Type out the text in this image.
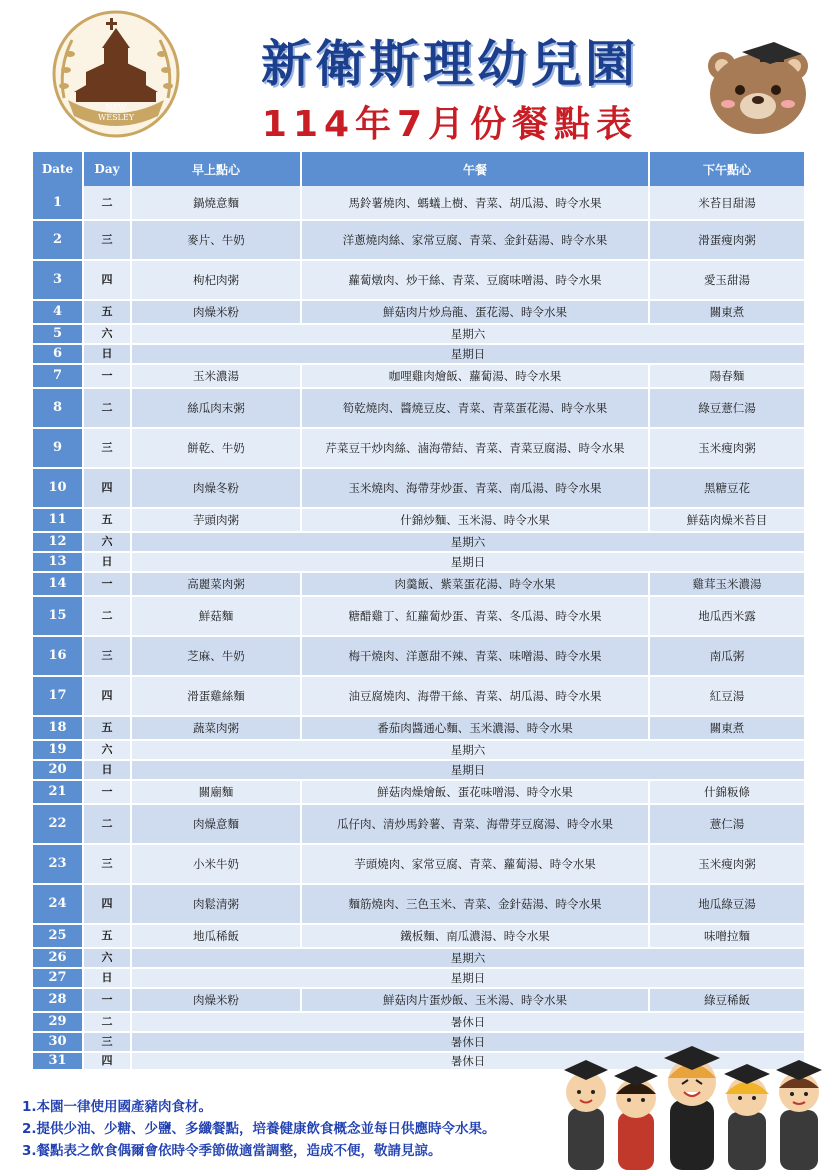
NEW
WESLEY
新衛斯理幼兒園
114年7月份餐點表
Date	Day	早上點心	午餐	下午點心
1	二	鍋燒意麵	馬鈴薯燒肉、螞蟻上樹、青菜、胡瓜湯、時令水果	米苔目甜湯
2	三	麥片、牛奶	洋蔥燒肉絲、家常豆腐、青菜、金針菇湯、時令水果	滑蛋瘦肉粥
3	四	枸杞肉粥	蘿蔔燉肉、炒干絲、青菜、豆腐味噌湯、時令水果	愛玉甜湯
4	五	肉燥米粉	鮮菇肉片炒烏龍、蛋花湯、時令水果	關東煮
5	六	星期六		
6	日	星期日		
7	一	玉米濃湯	咖哩雞肉燴飯、蘿蔔湯、時令水果	陽春麵
8	二	絲瓜肉末粥	筍乾燒肉、醬燒豆皮、青菜、青菜蛋花湯、時令水果	綠豆薏仁湯
9	三	餅乾、牛奶	芹菜豆干炒肉絲、滷海帶結、青菜、青菜豆腐湯、時令水果	玉米瘦肉粥
10	四	肉燥冬粉	玉米燒肉、海帶芽炒蛋、青菜、南瓜湯、時令水果	黑糖豆花
11	五	芋頭肉粥	什錦炒麵、玉米湯、時令水果	鮮菇肉燥米苔目
12	六	星期六		
13	日	星期日		
14	一	高麗菜肉粥	肉羹飯、紫菜蛋花湯、時令水果	雞茸玉米濃湯
15	二	鮮菇麵	糖醋雞丁、紅蘿蔔炒蛋、青菜、冬瓜湯、時令水果	地瓜西米露
16	三	芝麻、牛奶	梅干燒肉、洋蔥甜不辣、青菜、味噌湯、時令水果	南瓜粥
17	四	滑蛋雞絲麵	油豆腐燒肉、海帶干絲、青菜、胡瓜湯、時令水果	紅豆湯
18	五	蔬菜肉粥	番茄肉醬通心麵、玉米濃湯、時令水果	關東煮
19	六	星期六		
20	日	星期日		
21	一	關廟麵	鮮菇肉燥燴飯、蛋花味噌湯、時令水果	什錦粄條
22	二	肉燥意麵	瓜仔肉、清炒馬鈴薯、青菜、海帶芽豆腐湯、時令水果	薏仁湯
23	三	小米牛奶	芋頭燒肉、家常豆腐、青菜、蘿蔔湯、時令水果	玉米瘦肉粥
24	四	肉鬆清粥	麵筋燒肉、三色玉米、青菜、金針菇湯、時令水果	地瓜綠豆湯
25	五	地瓜稀飯	鐵板麵、南瓜濃湯、時令水果	味噌拉麵
26	六	星期六		
27	日	星期日		
28	一	肉燥米粉	鮮菇肉片蛋炒飯、玉米湯、時令水果	綠豆稀飯
29	二	暑休日		
30	三	暑休日		
31	四	暑休日		
1.本園一律使用國產豬肉食材。
2.提供少油、少糖、少鹽、多纖餐點，培養健康飲食概念並每日供應時令水果。
3.餐點表之飲食偶爾會依時令季節做適當調整，造成不便，敬請見諒。
